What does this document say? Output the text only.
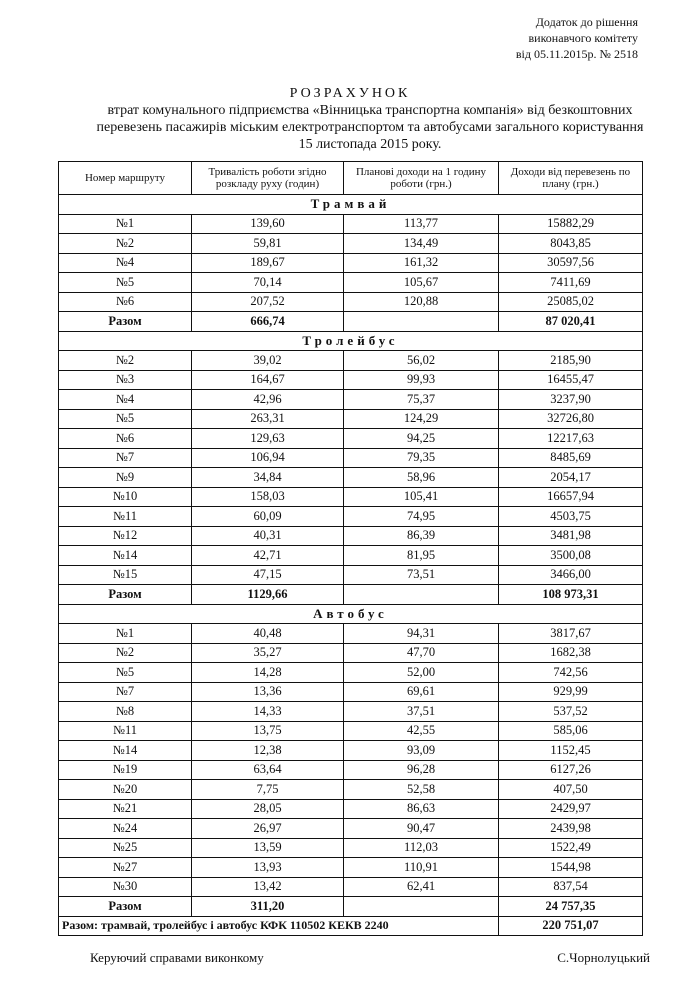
Додаток до рішення
виконавчого комітету
від 05.11.2015р. № 2518
РОЗРАХУНОК
втрат комунального підприємства «Вінницька транспортна компанія» від безкоштовних перевезень пасажирів міським електротранспортом та автобусами загального користування 15 листопада 2015 року.
Номер маршруту	Тривалість роботи згідно розкладу руху (годин)	Планові доходи на 1 годину роботи (грн.)	Доходи від перевезень по плану (грн.)
Трамвай			
№1	139,60	113,77	15882,29
№2	59,81	134,49	8043,85
№4	189,67	161,32	30597,56
№5	70,14	105,67	7411,69
№6	207,52	120,88	25085,02
Разом	666,74		87 020,41
Тролейбус			
№2	39,02	56,02	2185,90
№3	164,67	99,93	16455,47
№4	42,96	75,37	3237,90
№5	263,31	124,29	32726,80
№6	129,63	94,25	12217,63
№7	106,94	79,35	8485,69
№9	34,84	58,96	2054,17
№10	158,03	105,41	16657,94
№11	60,09	74,95	4503,75
№12	40,31	86,39	3481,98
№14	42,71	81,95	3500,08
№15	47,15	73,51	3466,00
Разом	1129,66		108 973,31
Автобус			
№1	40,48	94,31	3817,67
№2	35,27	47,70	1682,38
№5	14,28	52,00	742,56
№7	13,36	69,61	929,99
№8	14,33	37,51	537,52
№11	13,75	42,55	585,06
№14	12,38	93,09	1152,45
№19	63,64	96,28	6127,26
№20	7,75	52,58	407,50
№21	28,05	86,63	2429,97
№24	26,97	90,47	2439,98
№25	13,59	112,03	1522,49
№27	13,93	110,91	1544,98
№30	13,42	62,41	837,54
Разом	311,20		24 757,35
Разом: трамвай, тролейбус і автобус КФК 110502 КЕКВ 2240			220 751,07
Керуючий справами виконкому	С.Чорнолуцький
